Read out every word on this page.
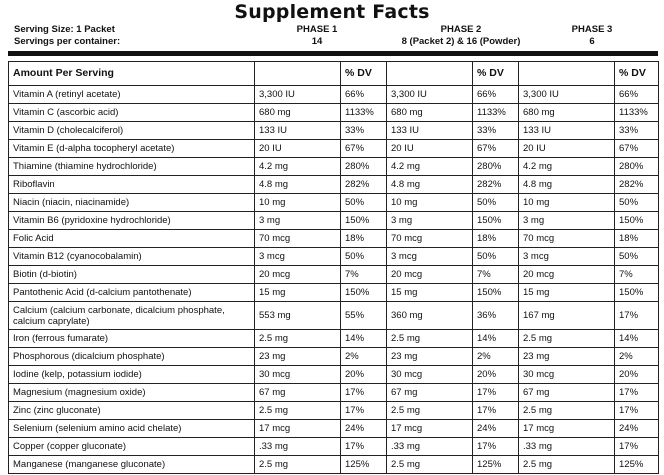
Supplement Facts
Serving Size: 1 Packet	PHASE 1	PHASE 2	PHASE 3
Servings per container:	14	8 (Packet 2) & 16 (Powder)	6
Amount Per Serving		% DV		% DV		% DV
Vitamin A (retinyl acetate)	3,300 IU	66%	3,300 IU	66%	3,300 IU	66%
Vitamin C (ascorbic acid)	680 mg	1133%	680 mg	1133%	680 mg	1133%
Vitamin D (cholecalciferol)	133 IU	33%	133 IU	33%	133 IU	33%
Vitamin E (d-alpha tocopheryl acetate)	20 IU	67%	20 IU	67%	20 IU	67%
Thiamine (thiamine hydrochloride)	4.2 mg	280%	4.2 mg	280%	4.2 mg	280%
Riboflavin	4.8 mg	282%	4.8 mg	282%	4.8 mg	282%
Niacin (niacin, niacinamide)	10 mg	50%	10 mg	50%	10 mg	50%
Vitamin B6 (pyridoxine hydrochloride)	3 mg	150%	3 mg	150%	3 mg	150%
Folic Acid	70 mcg	18%	70 mcg	18%	70 mcg	18%
Vitamin B12 (cyanocobalamin)	3 mcg	50%	3 mcg	50%	3 mcg	50%
Biotin (d-biotin)	20 mcg	7%	20 mcg	7%	20 mcg	7%
Pantothenic Acid (d-calcium pantothenate)	15 mg	150%	15 mg	150%	15 mg	150%
Calcium (calcium carbonate, dicalcium phosphate, calcium caprylate)	553 mg	55%	360 mg	36%	167 mg	17%
Iron (ferrous fumarate)	2.5 mg	14%	2.5 mg	14%	2.5 mg	14%
Phosphorous (dicalcium phosphate)	23 mg	2%	23 mg	2%	23 mg	2%
Iodine (kelp, potassium iodide)	30 mcg	20%	30 mcg	20%	30 mcg	20%
Magnesium (magnesium oxide)	67 mg	17%	67 mg	17%	67 mg	17%
Zinc (zinc gluconate)	2.5 mg	17%	2.5 mg	17%	2.5 mg	17%
Selenium (selenium amino acid chelate)	17 mcg	24%	17 mcg	24%	17 mcg	24%
Copper (copper gluconate)	.33 mg	17%	.33 mg	17%	.33 mg	17%
Manganese (manganese gluconate)	2.5 mg	125%	2.5 mg	125%	2.5 mg	125%
